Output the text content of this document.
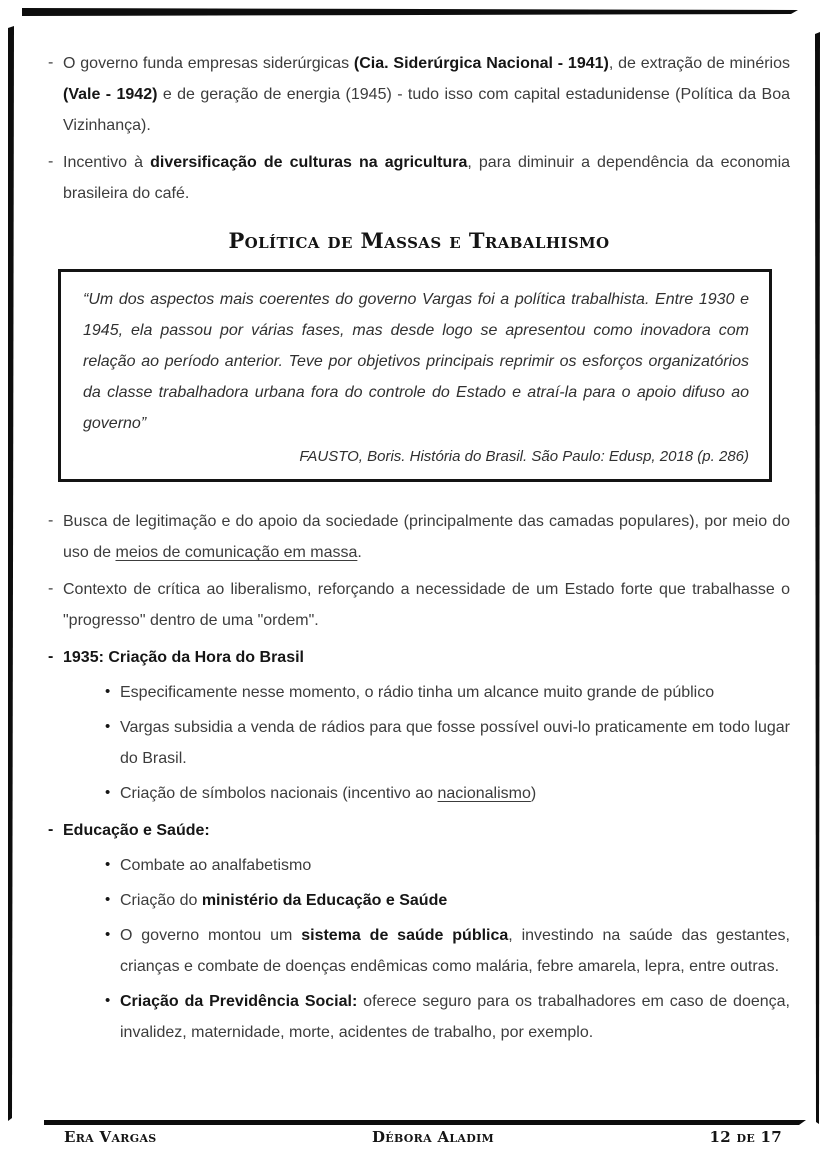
- O governo funda empresas siderúrgicas (Cia. Siderúrgica Nacional - 1941), de extração de minérios (Vale - 1942) e de geração de energia (1945) - tudo isso com capital estadunidense (Política da Boa Vizinhança).
- Incentivo à diversificação de culturas na agricultura, para diminuir a dependência da economia brasileira do café.
Política de Massas e Trabalhismo

“Um dos aspectos mais coerentes do governo Vargas foi a política trabalhista. Entre 1930 e 1945, ela passou por várias fases, mas desde logo se apresentou como inovadora com relação ao período anterior. Teve por objetivos principais reprimir os esforços organizatórios da classe trabalhadora urbana fora do controle do Estado e atraí-la para o apoio difuso ao governo”

FAUSTO, Boris. História do Brasil. São Paulo: Edusp, 2018 (p. 286)

- Busca de legitimação e do apoio da sociedade (principalmente das camadas populares), por meio do uso de meios de comunicação em massa.
- Contexto de crítica ao liberalismo, reforçando a necessidade de um Estado forte que trabalhasse o "progresso" dentro de uma "ordem".
- 1935: Criação da Hora do Brasil
• Especificamente nesse momento, o rádio tinha um alcance muito grande de público
• Vargas subsidia a venda de rádios para que fosse possível ouvi-lo praticamente em todo lugar do Brasil.
• Criação de símbolos nacionais (incentivo ao nacionalismo)
- Educação e Saúde:
• Combate ao analfabetismo
• Criação do ministério da Educação e Saúde
• O governo montou um sistema de saúde pública, investindo na saúde das gestantes, crianças e combate de doenças endêmicas como malária, febre amarela, lepra, entre outras.
• Criação da Previdência Social: oferece seguro para os trabalhadores em caso de doença, invalidez, maternidade, morte, acidentes de trabalho, por exemplo.
Era Vargas	Débora Aladim	12 de 17
